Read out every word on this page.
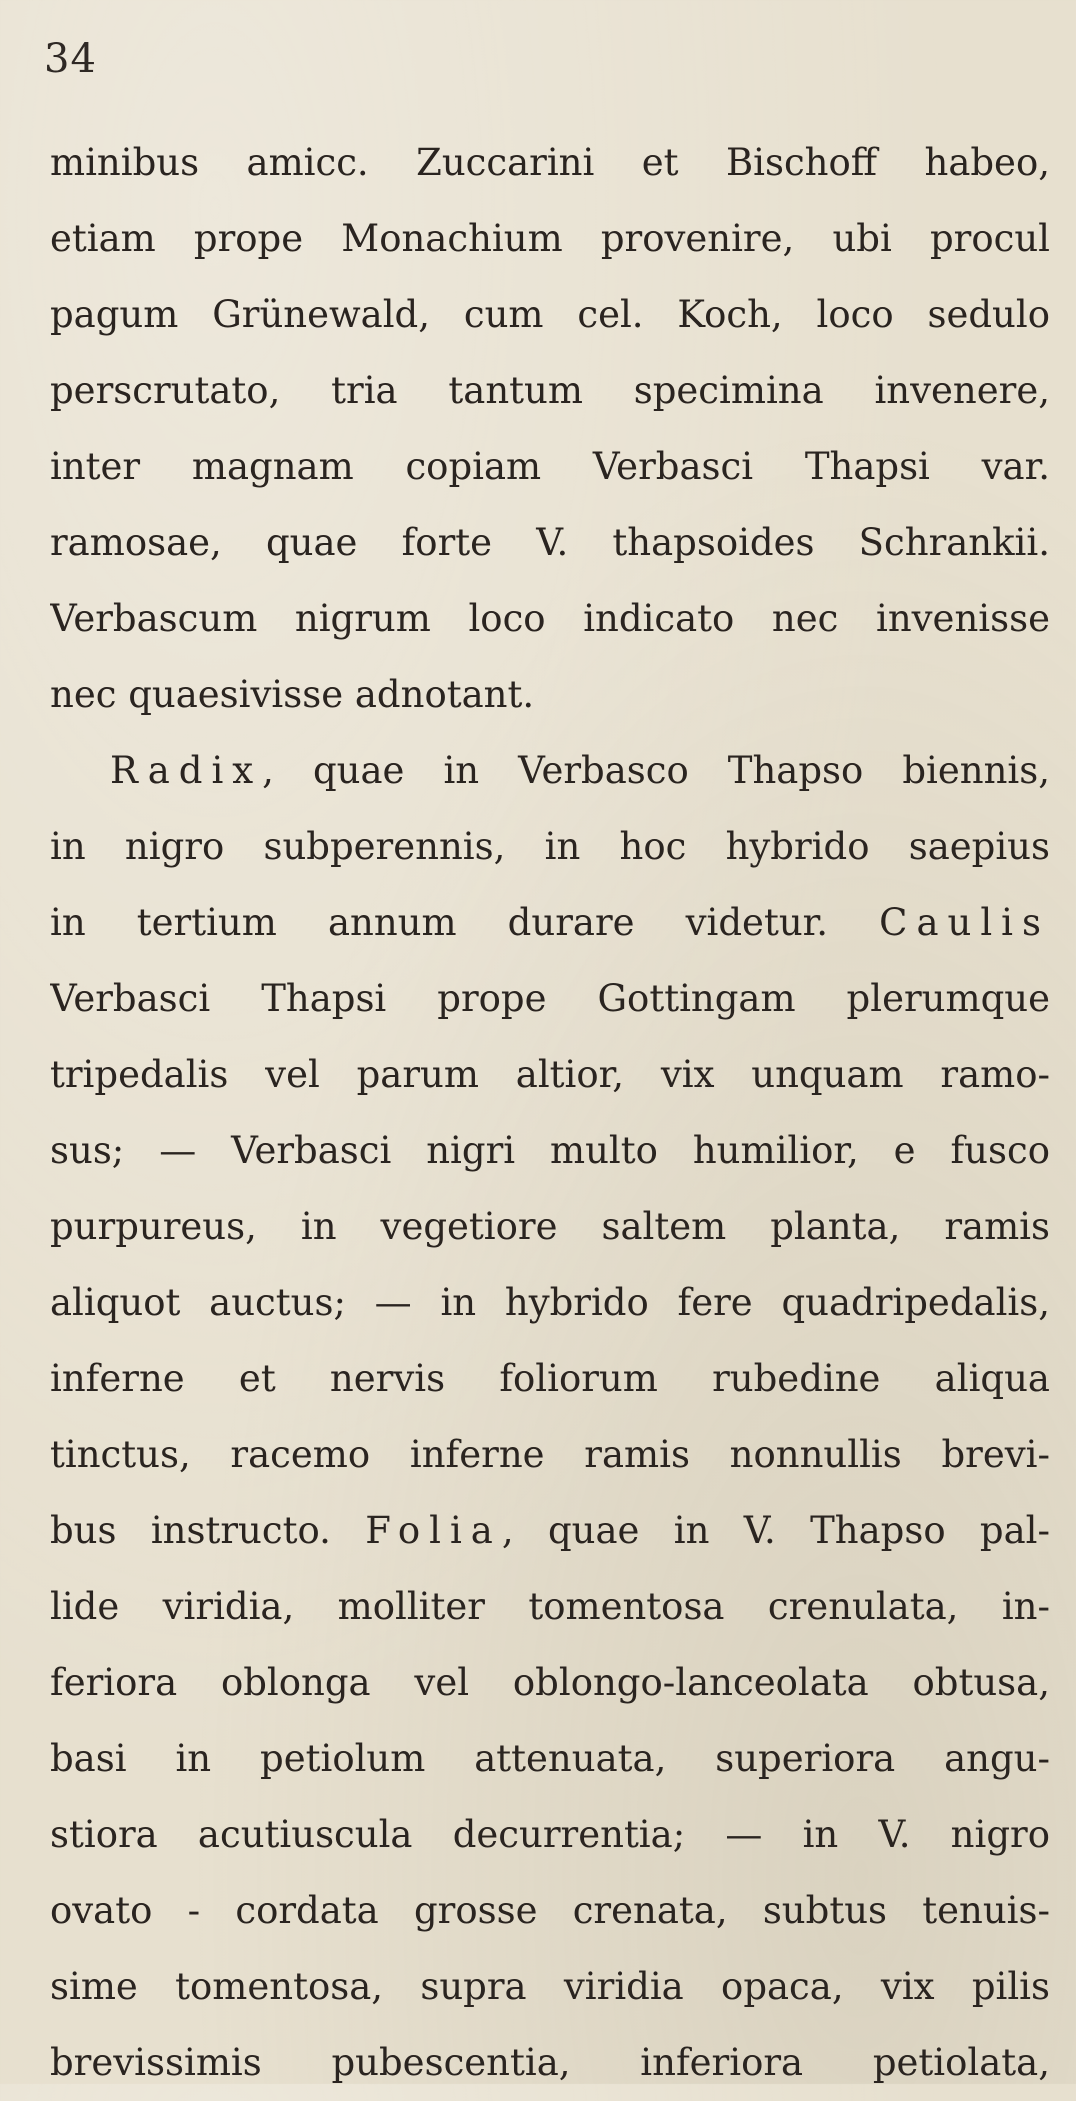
34
minibus amicc. Zuccarini et Bischoff habeo,
etiam prope Monachium provenire, ubi procul
pagum Grünewald, cum cel. Koch, loco sedulo
perscrutato, tria tantum specimina invenere,
inter magnam copiam Verbasci Thapsi var.
ramosae, quae forte V. thapsoides Schrankii.
Verbascum nigrum loco indicato nec invenisse
nec quaesivisse adnotant.
Radix, quae in Verbasco Thapso biennis,
in nigro subperennis, in hoc hybrido saepius
in tertium annum durare videtur. Caulis
Verbasci Thapsi prope Gottingam plerumque
tripedalis vel parum altior, vix unquam ramo-
sus; — Verbasci nigri multo humilior, e fusco
purpureus, in vegetiore saltem planta, ramis
aliquot auctus; — in hybrido fere quadripedalis,
inferne et nervis foliorum rubedine aliqua
tinctus, racemo inferne ramis nonnullis brevi-
bus instructo. Folia, quae in V. Thapso pal-
lide viridia, molliter tomentosa crenulata, in-
feriora oblonga vel oblongo-lanceolata obtusa,
basi in petiolum attenuata, superiora angu-
stiora acutiuscula decurrentia; — in V. nigro
ovato - cordata grosse crenata, subtus tenuis-
sime tomentosa, supra viridia opaca, vix pilis
brevissimis pubescentia, inferiora petiolata,
